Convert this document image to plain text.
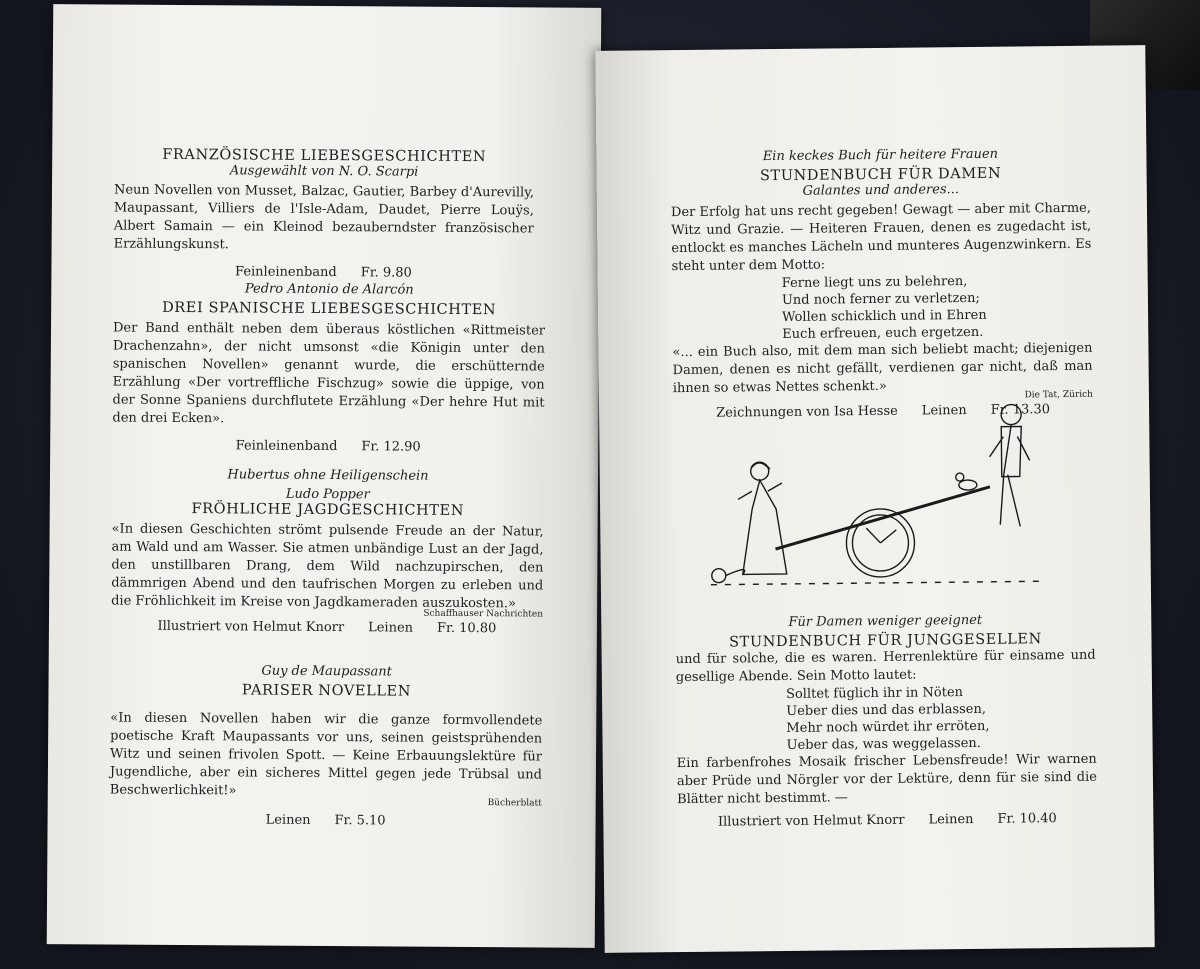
FRANZÖSISCHE LIEBESGESCHICHTEN
Ausgewählt von N. O. Scarpi
Neun Novellen von Musset, Balzac, Gautier, Barbey d'Aurevilly, Maupassant, Villiers de l'Isle-Adam, Daudet, Pierre Louÿs, Albert Samain — ein Kleinod bezauberndster französischer Erzählungskunst.
Feinleinenband Fr. 9.80
Pedro Antonio de Alarcón
DREI SPANISCHE LIEBESGESCHICHTEN
Der Band enthält neben dem überaus köstlichen «Rittmeister Drachenzahn», der nicht umsonst «die Königin unter den spanischen Novellen» genannt wurde, die erschütternde Erzählung «Der vortreffliche Fischzug» sowie die üppige, von der Sonne Spaniens durchflutete Erzählung «Der hehre Hut mit den drei Ecken».
Feinleinenband Fr. 12.90
Hubertus ohne Heiligenschein
Ludo Popper
FRÖHLICHE JAGDGESCHICHTEN
«In diesen Geschichten strömt pulsende Freude an der Natur, am Wald und am Wasser. Sie atmen unbändige Lust an der Jagd, den unstillbaren Drang, dem Wild nachzupirschen, den dämmrigen Abend und den taufrischen Morgen zu erleben und die Fröhlichkeit im Kreise von Jagdkameraden auszukosten.»
Schaffhauser Nachrichten
Illustriert von Helmut Knorr Leinen Fr. 10.80
Guy de Maupassant
PARISER NOVELLEN
«In diesen Novellen haben wir die ganze formvollendete poetische Kraft Maupassants vor uns, seinen geistsprühenden Witz und seinen frivolen Spott. — Keine Erbauungslektüre für Jugendliche, aber ein sicheres Mittel gegen jede Trübsal und Beschwerlichkeit!»
Bücherblatt
Leinen Fr. 5.10
Ein keckes Buch für heitere Frauen
STUNDENBUCH FÜR DAMEN
Galantes und anderes...
Der Erfolg hat uns recht gegeben! Gewagt — aber mit Charme, Witz und Grazie. — Heiteren Frauen, denen es zugedacht ist, entlockt es manches Lächeln und munteres Augenzwinkern. Es steht unter dem Motto:
Ferne liegt uns zu belehren,
Und noch ferner zu verletzen;
Wollen schicklich und in Ehren
Euch erfreuen, euch ergetzen.
«... ein Buch also, mit dem man sich beliebt macht; diejenigen Damen, denen es nicht gefällt, verdienen gar nicht, daß man ihnen so etwas Nettes schenkt.»	Die Tat, Zürich
Zeichnungen von Isa Hesse Leinen Fr. 13.30
Für Damen weniger geeignet
STUNDENBUCH FÜR JUNGGESELLEN
und für solche, die es waren. Herrenlektüre für einsame und gesellige Abende. Sein Motto lautet:
Solltet füglich ihr in Nöten
Ueber dies und das erblassen,
Mehr noch würdet ihr erröten,
Ueber das, was weggelassen.
Ein farbenfrohes Mosaik frischer Lebensfreude! Wir warnen aber Prüde und Nörgler vor der Lektüre, denn für sie sind die Blätter nicht bestimmt. —
Illustriert von Helmut Knorr Leinen Fr. 10.40
